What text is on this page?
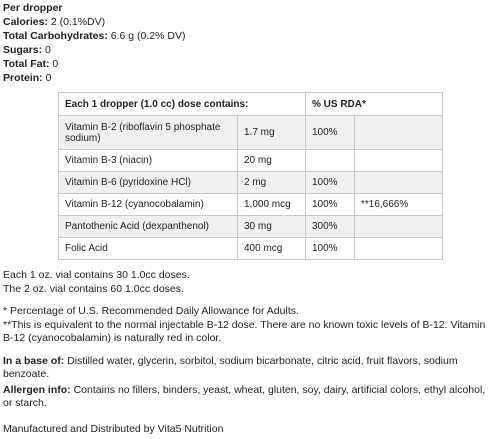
Per dropper
Calories: 2 (0.1%DV)
Total Carbohydrates: 6.6 g (0.2% DV)
Sugars: 0
Total Fat: 0
Protein: 0
Each 1 dropper (1.0 cc) dose contains:		% US RDA*	
Vitamin B-2 (riboflavin 5 phosphate sodium)	1.7 mg	100%	
Vitamin B-3 (niacin)	20 mg		
Vitamin B-6 (pyridoxine HCl)	2 mg	100%	
Vitamin B-12 (cyanocobalamin)	1,000 mcg	100%	**16,666%
Pantothenic Acid (dexpanthenol)	30 mg	300%	
Folic Acid	400 mcg	100%	
Each 1 oz. vial contains 30 1.0cc doses.
The 2 oz. vial contains 60 1.0cc doses.
* Percentage of U.S. Recommended Daily Allowance for Adults.
**This is equivalent to the normal injectable B-12 dose. There are no known toxic levels of B-12. Vitamin B-12 (cyanocobalamin) is naturally red in color.
In a base of: Distilled water, glycerin, sorbitol, sodium bicarbonate, citric acid, fruit flavors, sodium benzoate.
Allergen info: Contains no fillers, binders, yeast, wheat, gluten, soy, dairy, artificial colors, ethyl alcohol, or starch.
Manufactured and Distributed by Vita5 Nutrition
